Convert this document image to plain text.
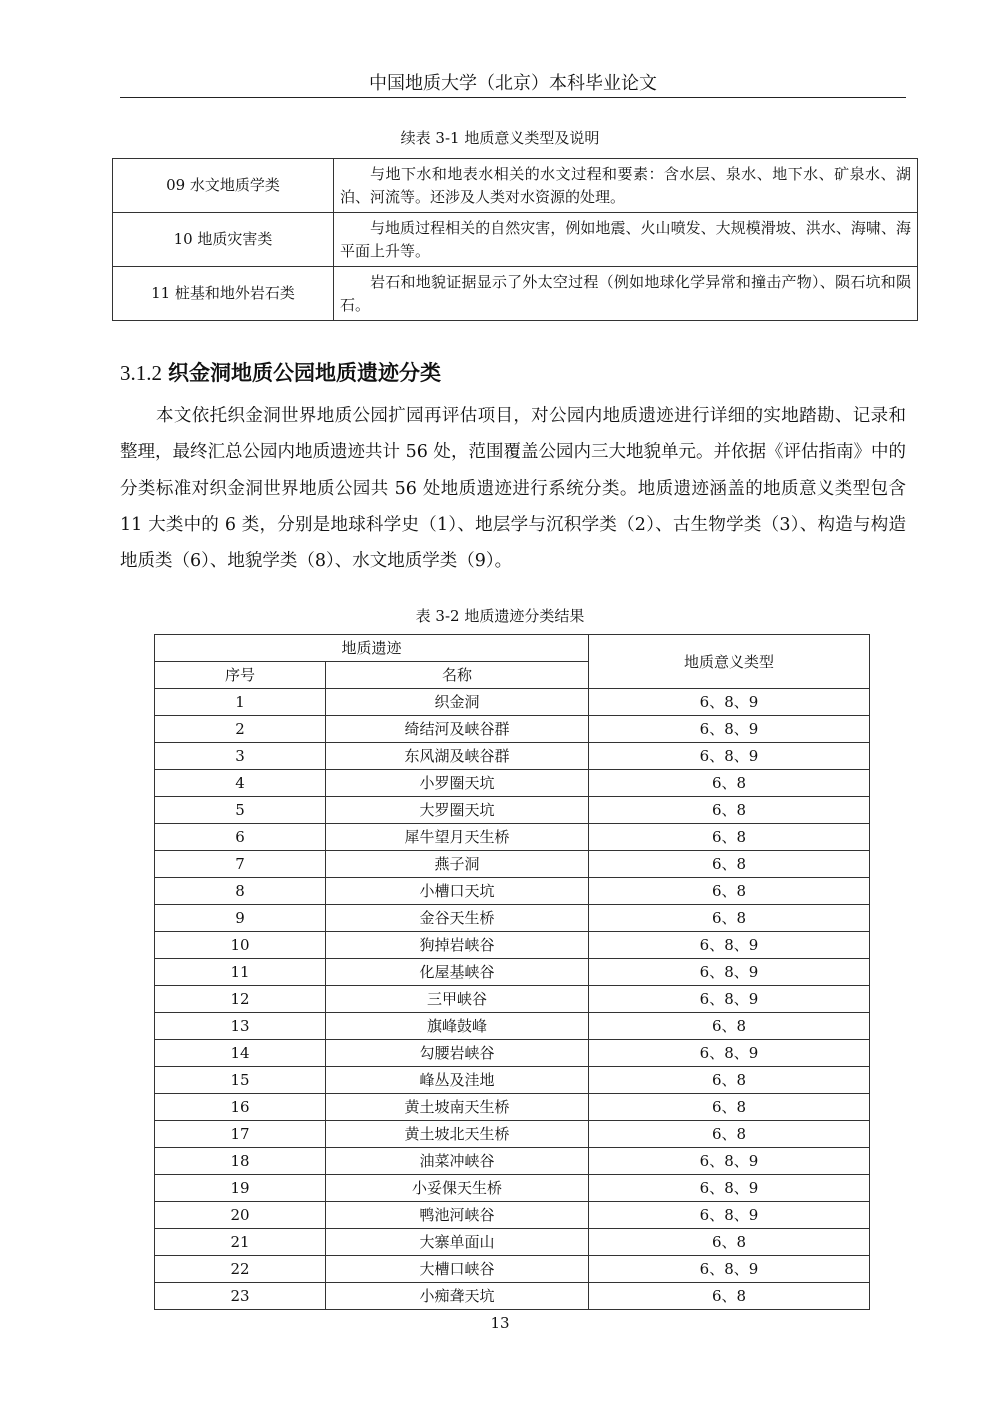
中国地质大学（北京）本科毕业论文
续表 3-1 地质意义类型及说明
09 水文地质学类	与地下水和地表水相关的水文过程和要素：含水层、泉水、地下水、矿泉水、湖泊、河流等。还涉及人类对水资源的处理。
10 地质灾害类	与地质过程相关的自然灾害，例如地震、火山喷发、大规模滑坡、洪水、海啸、海平面上升等。
11 桩基和地外岩石类	岩石和地貌证据显示了外太空过程（例如地球化学异常和撞击产物）、陨石坑和陨石。
3.1.2 织金洞地质公园地质遗迹分类

本文依托织金洞世界地质公园扩园再评估项目，对公园内地质遗迹进行详细的实地踏勘、记录和整理，最终汇总公园内地质遗迹共计 56 处，范围覆盖公园内三大地貌单元。并依据《评估指南》中的分类标准对织金洞世界地质公园共 56 处地质遗迹进行系统分类。地质遗迹涵盖的地质意义类型包含 11 大类中的 6 类，分别是地球科学史（1）、地层学与沉积学类（2）、古生物学类（3）、构造与构造地质类（6）、地貌学类（8）、水文地质学类（9）。

表 3-2 地质遗迹分类结果
地质遗迹		地质意义类型
序号	名称	
1	织金洞	6、8、9
2	绮结河及峡谷群	6、8、9
3	东风湖及峡谷群	6、8、9
4	小罗圈天坑	6、8
5	大罗圈天坑	6、8
6	犀牛望月天生桥	6、8
7	燕子洞	6、8
8	小槽口天坑	6、8
9	金谷天生桥	6、8
10	狗掉岩峡谷	6、8、9
11	化屋基峡谷	6、8、9
12	三甲峡谷	6、8、9
13	旗峰鼓峰	6、8
14	勾腰岩峡谷	6、8、9
15	峰丛及洼地	6、8
16	黄土坡南天生桥	6、8
17	黄土坡北天生桥	6、8
18	油菜冲峡谷	6、8、9
19	小妥倮天生桥	6、8、9
20	鸭池河峡谷	6、8、9
21	大寨单面山	6、8
22	大槽口峡谷	6、8、9
23	小痴聋天坑	6、8
13
